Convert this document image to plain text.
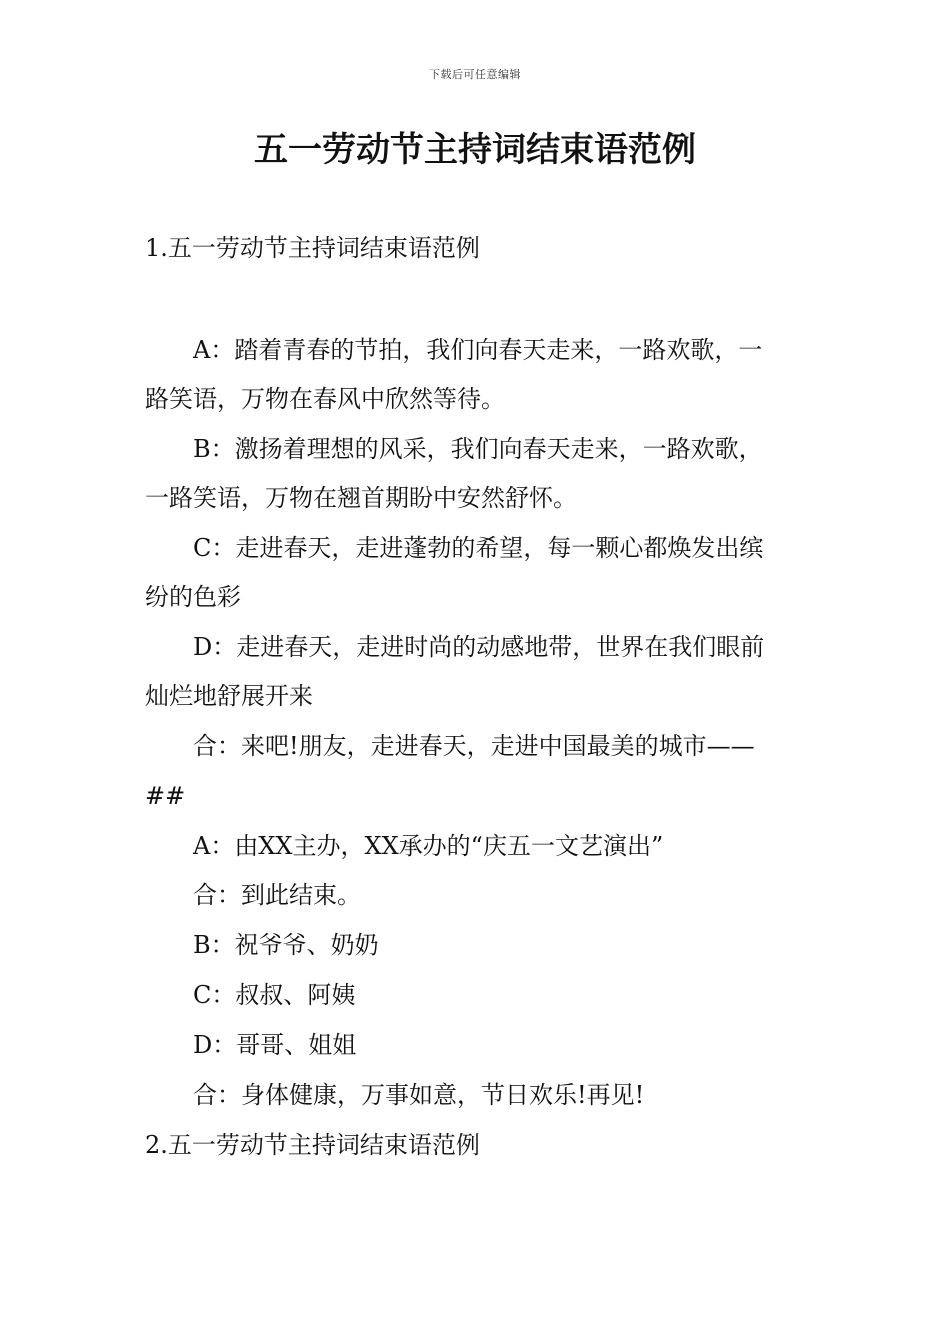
下载后可任意编辑
五一劳动节主持词结束语范例
1.五一劳动节主持词结束语范例
A：踏着青春的节拍，我们向春天走来，一路欢歌，一
路笑语，万物在春风中欣然等待。
B：激扬着理想的风采，我们向春天走来，一路欢歌，
一路笑语，万物在翘首期盼中安然舒怀。
C：走进春天，走进蓬勃的希望，每一颗心都焕发出缤
纷的色彩
D：走进春天，走进时尚的动感地带，世界在我们眼前
灿烂地舒展开来
合：来吧!朋友，走进春天，走进中国最美的城市——
##
A：由XX主办，XX承办的“庆五一文艺演出”
合：到此结束。
B：祝爷爷、奶奶
C：叔叔、阿姨
D：哥哥、姐姐
合：身体健康，万事如意，节日欢乐!再见!
2.五一劳动节主持词结束语范例
